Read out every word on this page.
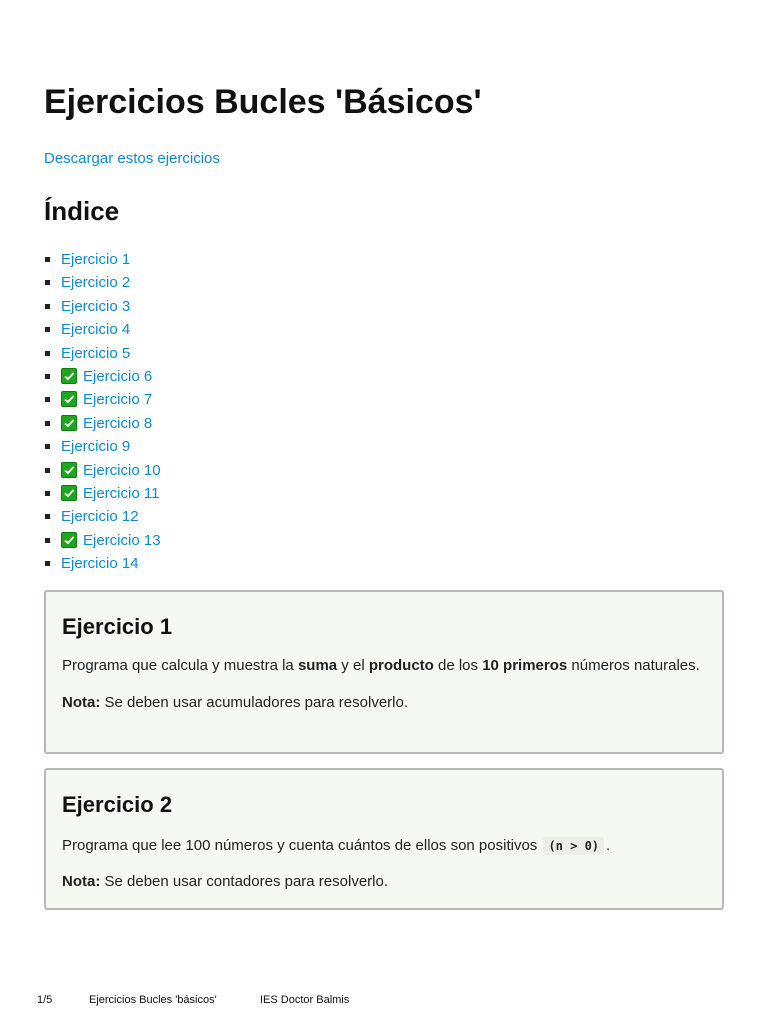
Ejercicios Bucles 'Básicos'
Descargar estos ejercicios
Índice
Ejercicio 1
Ejercicio 2
Ejercicio 3
Ejercicio 4
Ejercicio 5
Ejercicio 6
Ejercicio 7
Ejercicio 8
Ejercicio 9
Ejercicio 10
Ejercicio 11
Ejercicio 12
Ejercicio 13
Ejercicio 14
Ejercicio 1

Programa que calcula y muestra la suma y el producto de los 10 primeros números naturales.

Nota: Se deben usar acumuladores para resolverlo.

Ejercicio 2

Programa que lee 100 números y cuenta cuántos de ellos son positivos (n > 0) .

Nota: Se deben usar contadores para resolverlo.

1/5	Ejercicios Bucles 'básicos'	IES Doctor Balmis
